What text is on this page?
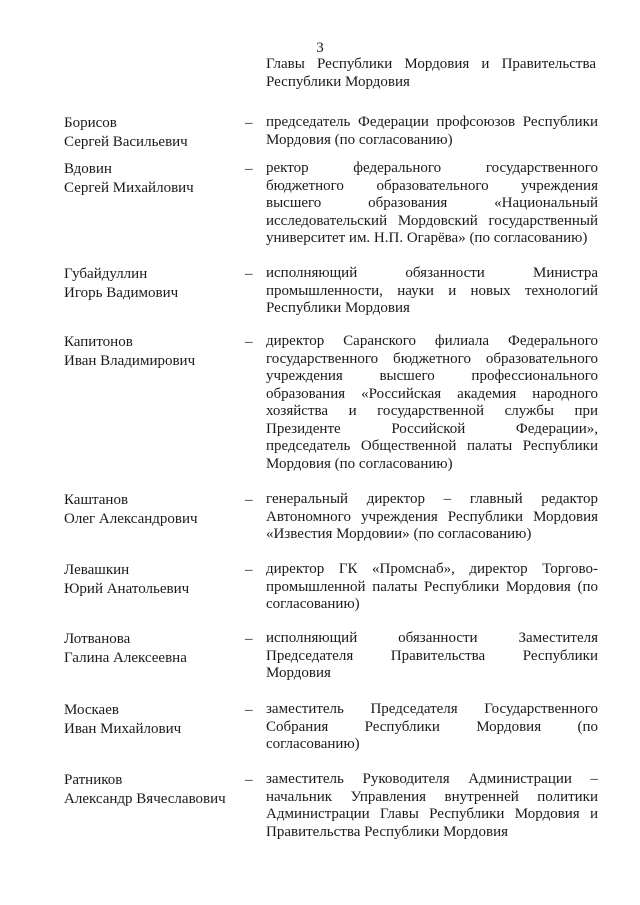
3
Главы Республики Мордовия и Правительства Республики Мордовия
Борисов
Сергей Васильевич
– председатель Федерации профсоюзов Республики
Мордовия (по согласованию)
Вдовин
Сергей Михайлович
– ректор федерального государственного
бюджетного образовательного учреждения
высшего образования «Национальный
исследовательский Мордовский государственный
университет им. Н.П. Огарёва» (по согласованию)
Губайдуллин
Игорь Вадимович
– исполняющий обязанности Министра
промышленности, науки и новых технологий
Республики Мордовия
Капитонов
Иван Владимирович
– директор Саранского филиала Федерального
государственного бюджетного образовательного
учреждения высшего профессионального
образования «Российская академия народного
хозяйства и государственной службы при
Президенте Российской Федерации»,
председатель Общественной палаты Республики
Мордовия (по согласованию)
Каштанов
Олег Александрович
– генеральный директор – главный редактор
Автономного учреждения Республики Мордовия
«Известия Мордовии» (по согласованию)
Левашкин
Юрий Анатольевич
– директор ГК «Промснаб», директор Торгово-
промышленной палаты Республики Мордовия (по
согласованию)
Лотванова
Галина Алексеевна
– исполняющий обязанности Заместителя
Председателя Правительства Республики
Мордовия
Москаев
Иван Михайлович
– заместитель Председателя Государственного
Собрания Республики Мордовия (по
согласованию)
Ратников
Александр Вячеславович
– заместитель Руководителя Администрации –
начальник Управления внутренней политики
Администрации Главы Республики Мордовия и
Правительства Республики Мордовия
